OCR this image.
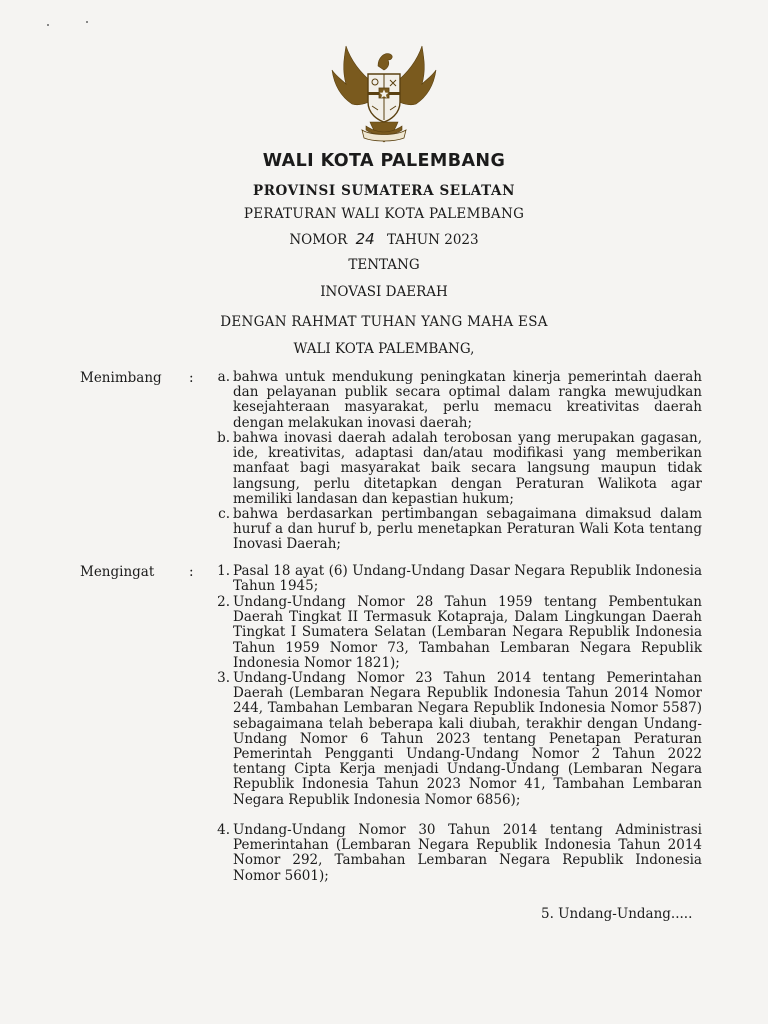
WALI KOTA PALEMBANG
PROVINSI SUMATERA SELATAN
PERATURAN WALI KOTA PALEMBANG
NOMOR 24 TAHUN 2023
TENTANG
INOVASI DAERAH
DENGAN RAHMAT TUHAN YANG MAHA ESA
WALI KOTA PALEMBANG,
Menimbang :	a. bahwa untuk mendukung peningkatan kinerja pemerintah daerah dan pelayanan publik secara optimal dalam rangka mewujudkan kesejahteraan masyarakat, perlu memacu kreativitas daerah dengan melakukan inovasi daerah;
b. bahwa inovasi daerah adalah terobosan yang merupakan gagasan, ide, kreativitas, adaptasi dan/atau modifikasi yang memberikan manfaat bagi masyarakat baik secara langsung maupun tidak langsung, perlu ditetapkan dengan Peraturan Walikota agar memiliki landasan dan kepastian hukum;
c. bahwa berdasarkan pertimbangan sebagaimana dimaksud dalam huruf a dan huruf b, perlu menetapkan Peraturan Wali Kota tentang Inovasi Daerah;
Mengingat	:	1. Pasal 18 ayat (6) Undang-Undang Dasar Negara Republik Indonesia Tahun 1945;
2. Undang-Undang Nomor 28 Tahun 1959 tentang Pembentukan Daerah Tingkat II Termasuk Kotapraja, Dalam Lingkungan Daerah Tingkat I Sumatera Selatan (Lembaran Negara Republik Indonesia Tahun 1959 Nomor 73, Tambahan Lembaran Negara Republik Indonesia Nomor 1821);
3. Undang-Undang Nomor 23 Tahun 2014 tentang Pemerintahan Daerah (Lembaran Negara Republik Indonesia Tahun 2014 Nomor 244, Tambahan Lembaran Negara Republik Indonesia Nomor 5587) sebagaimana telah beberapa kali diubah, terakhir dengan Undang-Undang Nomor 6 Tahun 2023 tentang Penetapan Peraturan Pemerintah Pengganti Undang-Undang Nomor 2 Tahun 2022 tentang Cipta Kerja menjadi Undang-Undang (Lembaran Negara Republik Indonesia Tahun 2023 Nomor 41, Tambahan Lembaran Negara Republik Indonesia Nomor 6856);
4. Undang-Undang Nomor 30 Tahun 2014 tentang Administrasi Pemerintahan (Lembaran Negara Republik Indonesia Tahun 2014 Nomor 292, Tambahan Lembaran Negara Republik Indonesia Nomor 5601);
5. Undang-Undang.....
